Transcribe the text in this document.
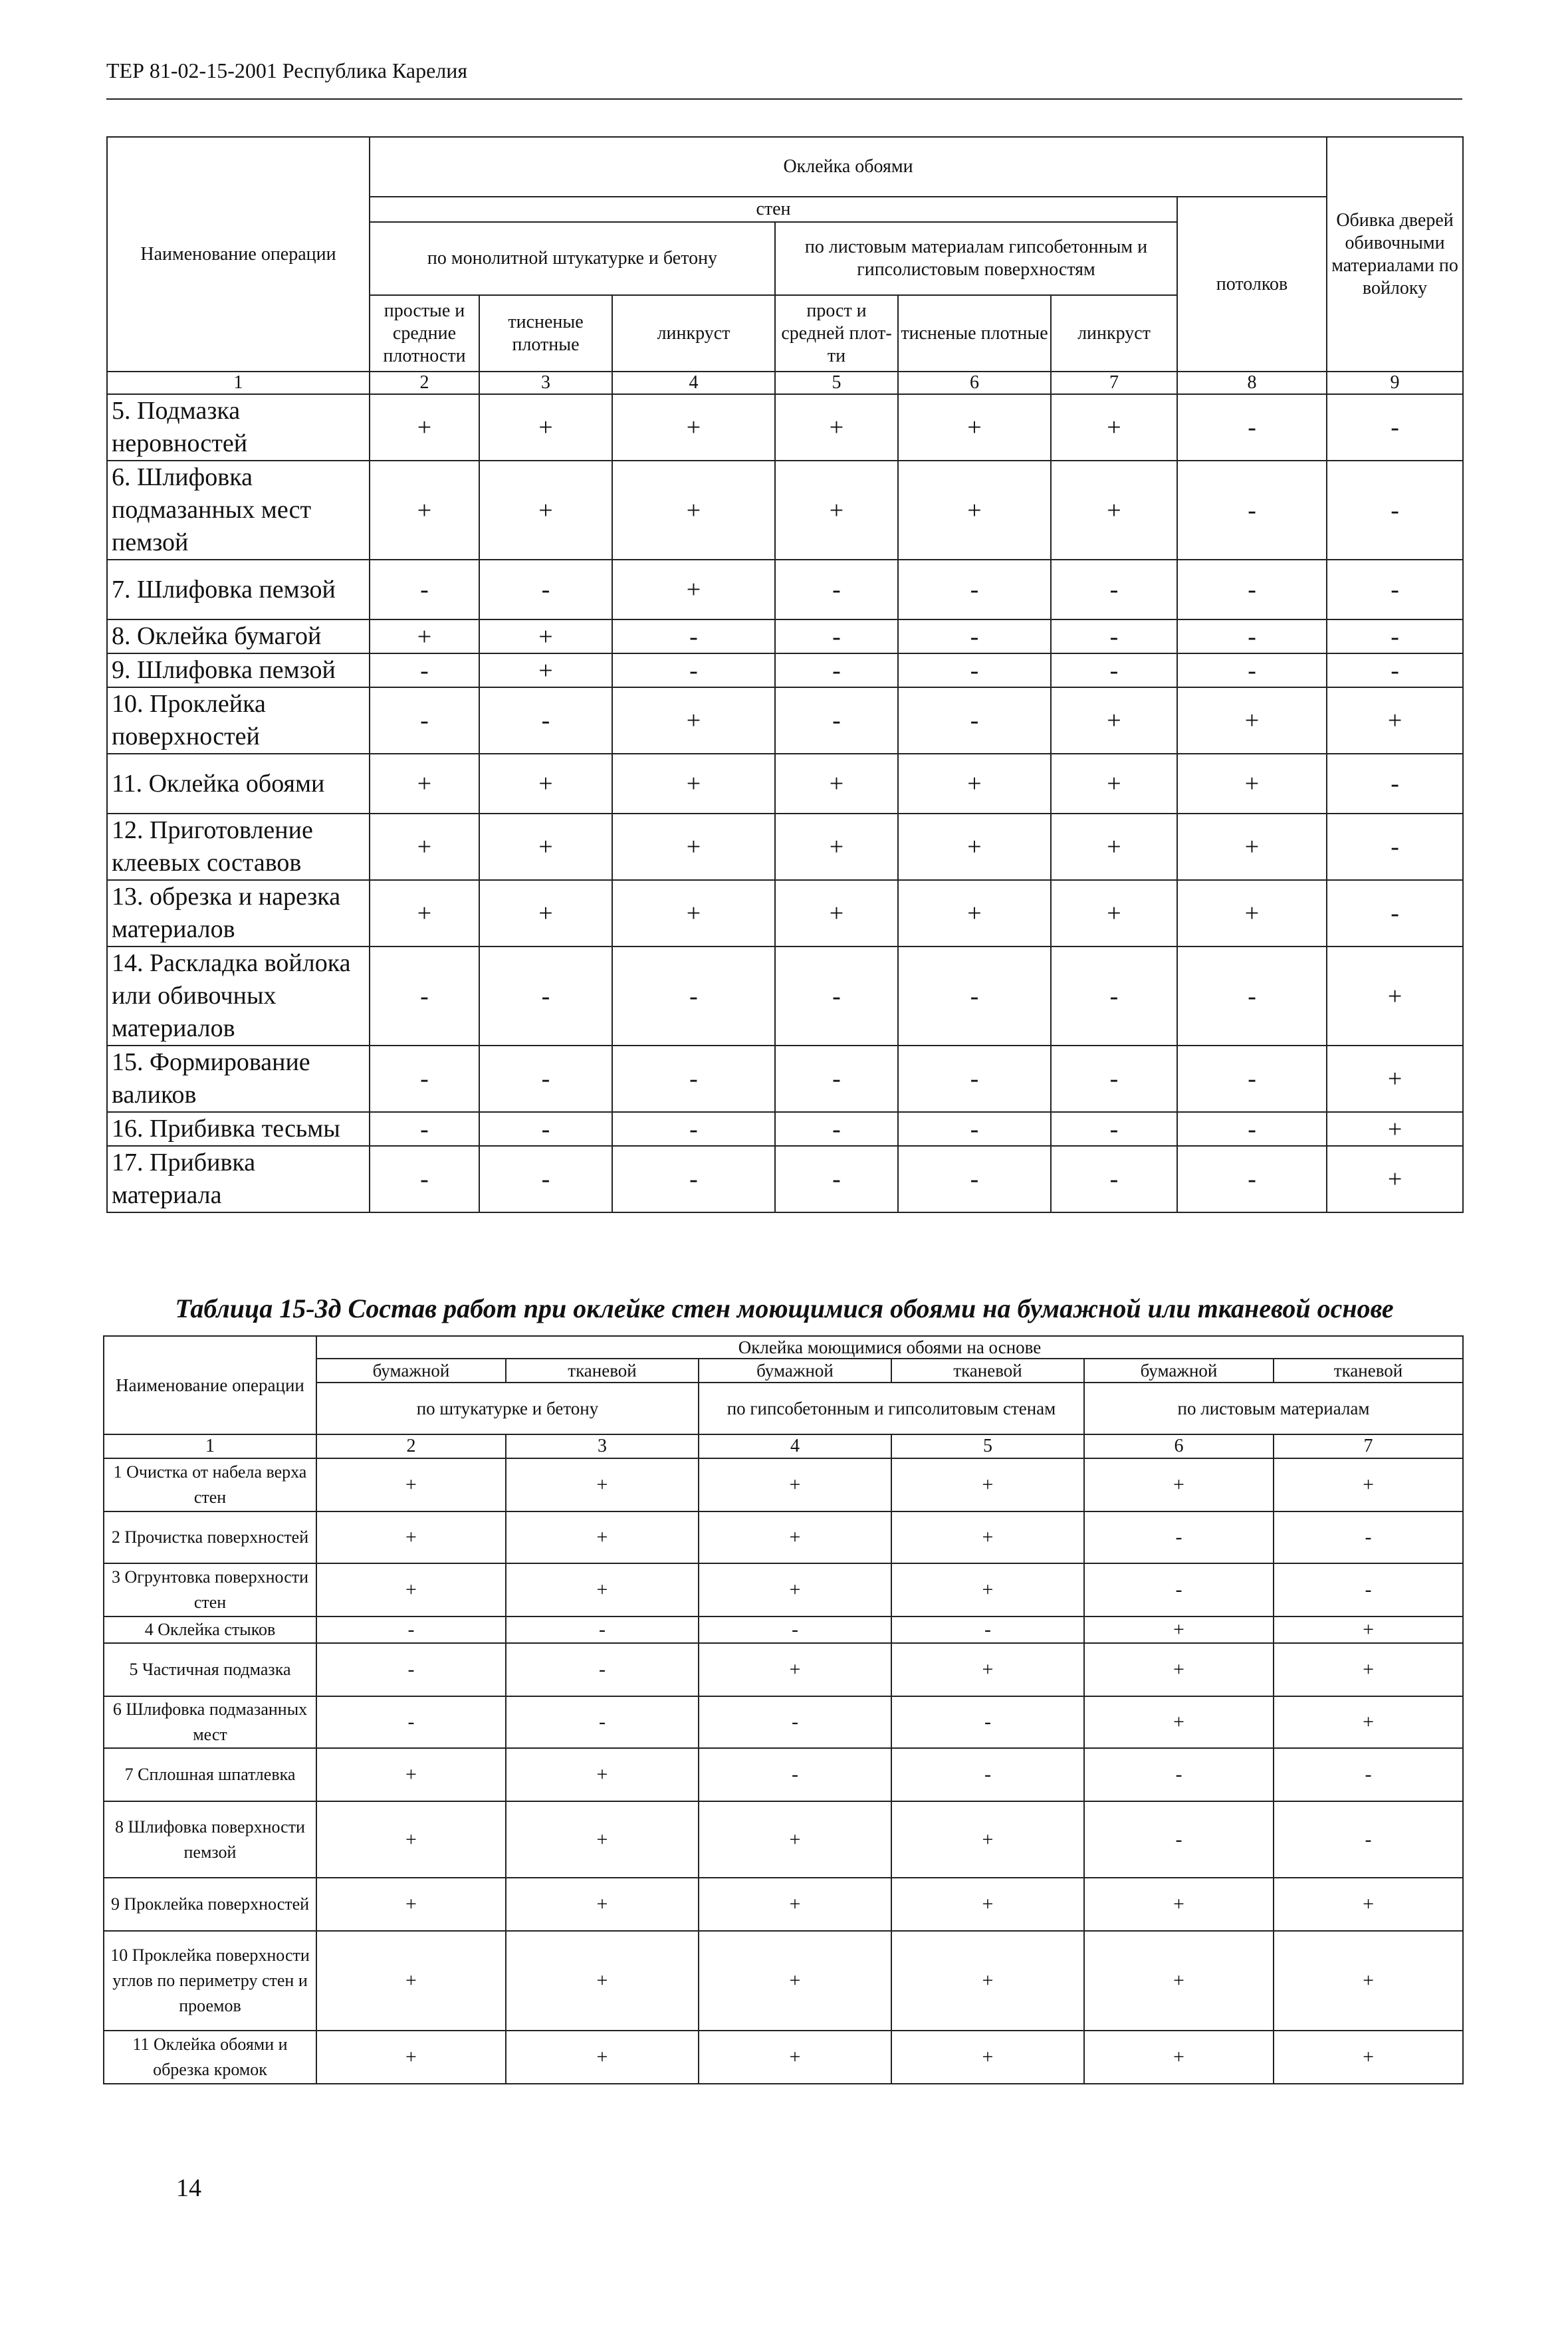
ТЕР 81-02-15-2001 Республика Карелия
Наименование операции	Оклейка обоями							Обивка дверей обивочными материалами по войлоку
	стен						потолков	
	по монолитной штукатурке и бетону			по листовым материалам гипсобетонным и гипсолистовым поверхностям				
	простые и средние плотности	тисненые плотные	линкруст	прост и средней плот-ти	тисненые плотные	линкруст		
1	2	3	4	5	6	7	8	9
5. Подмазка неровностей	+	+	+	+	+	+	-	-
6. Шлифовка подмазанных мест пемзой	+	+	+	+	+	+	-	-
7. Шлифовка пемзой	-	-	+	-	-	-	-	-
8. Оклейка бумагой	+	+	-	-	-	-	-	-
9. Шлифовка пемзой	-	+	-	-	-	-	-	-
10. Проклейка поверхностей	-	-	+	-	-	+	+	+
11. Оклейка обоями	+	+	+	+	+	+	+	-
12. Приготовление клеевых составов	+	+	+	+	+	+	+	-
13. обрезка и нарезка материалов	+	+	+	+	+	+	+	-
14. Раскладка войлока или обивочных материалов	-	-	-	-	-	-	-	+
15. Формирование валиков	-	-	-	-	-	-	-	+
16. Прибивка тесьмы	-	-	-	-	-	-	-	+
17. Прибивка материала	-	-	-	-	-	-	-	+
Таблица 15-3д Состав работ при оклейке стен моющимися обоями на бумажной или тканевой основе
Наименование операции	Оклейка моющимися обоями на основе					
	бумажной	тканевой	бумажной	тканевой	бумажной	тканевой
	по штукатурке и бетону		по гипсобетонным и гипсолитовым стенам		по листовым материалам	
1	2	3	4	5	6	7
1 Очистка от набела верха стен	+	+	+	+	+	+
2 Прочистка поверхностей	+	+	+	+	-	-
3 Огрунтовка поверхности стен	+	+	+	+	-	-
4 Оклейка стыков	-	-	-	-	+	+
5 Частичная подмазка	-	-	+	+	+	+
6 Шлифовка подмазанных мест	-	-	-	-	+	+
7 Сплошная шпатлевка	+	+	-	-	-	-
8 Шлифовка поверхности пемзой	+	+	+	+	-	-
9 Проклейка поверхностей	+	+	+	+	+	+
10 Проклейка поверхности углов по периметру стен и проемов	+	+	+	+	+	+
11 Оклейка обоями и обрезка кромок	+	+	+	+	+	+
14
